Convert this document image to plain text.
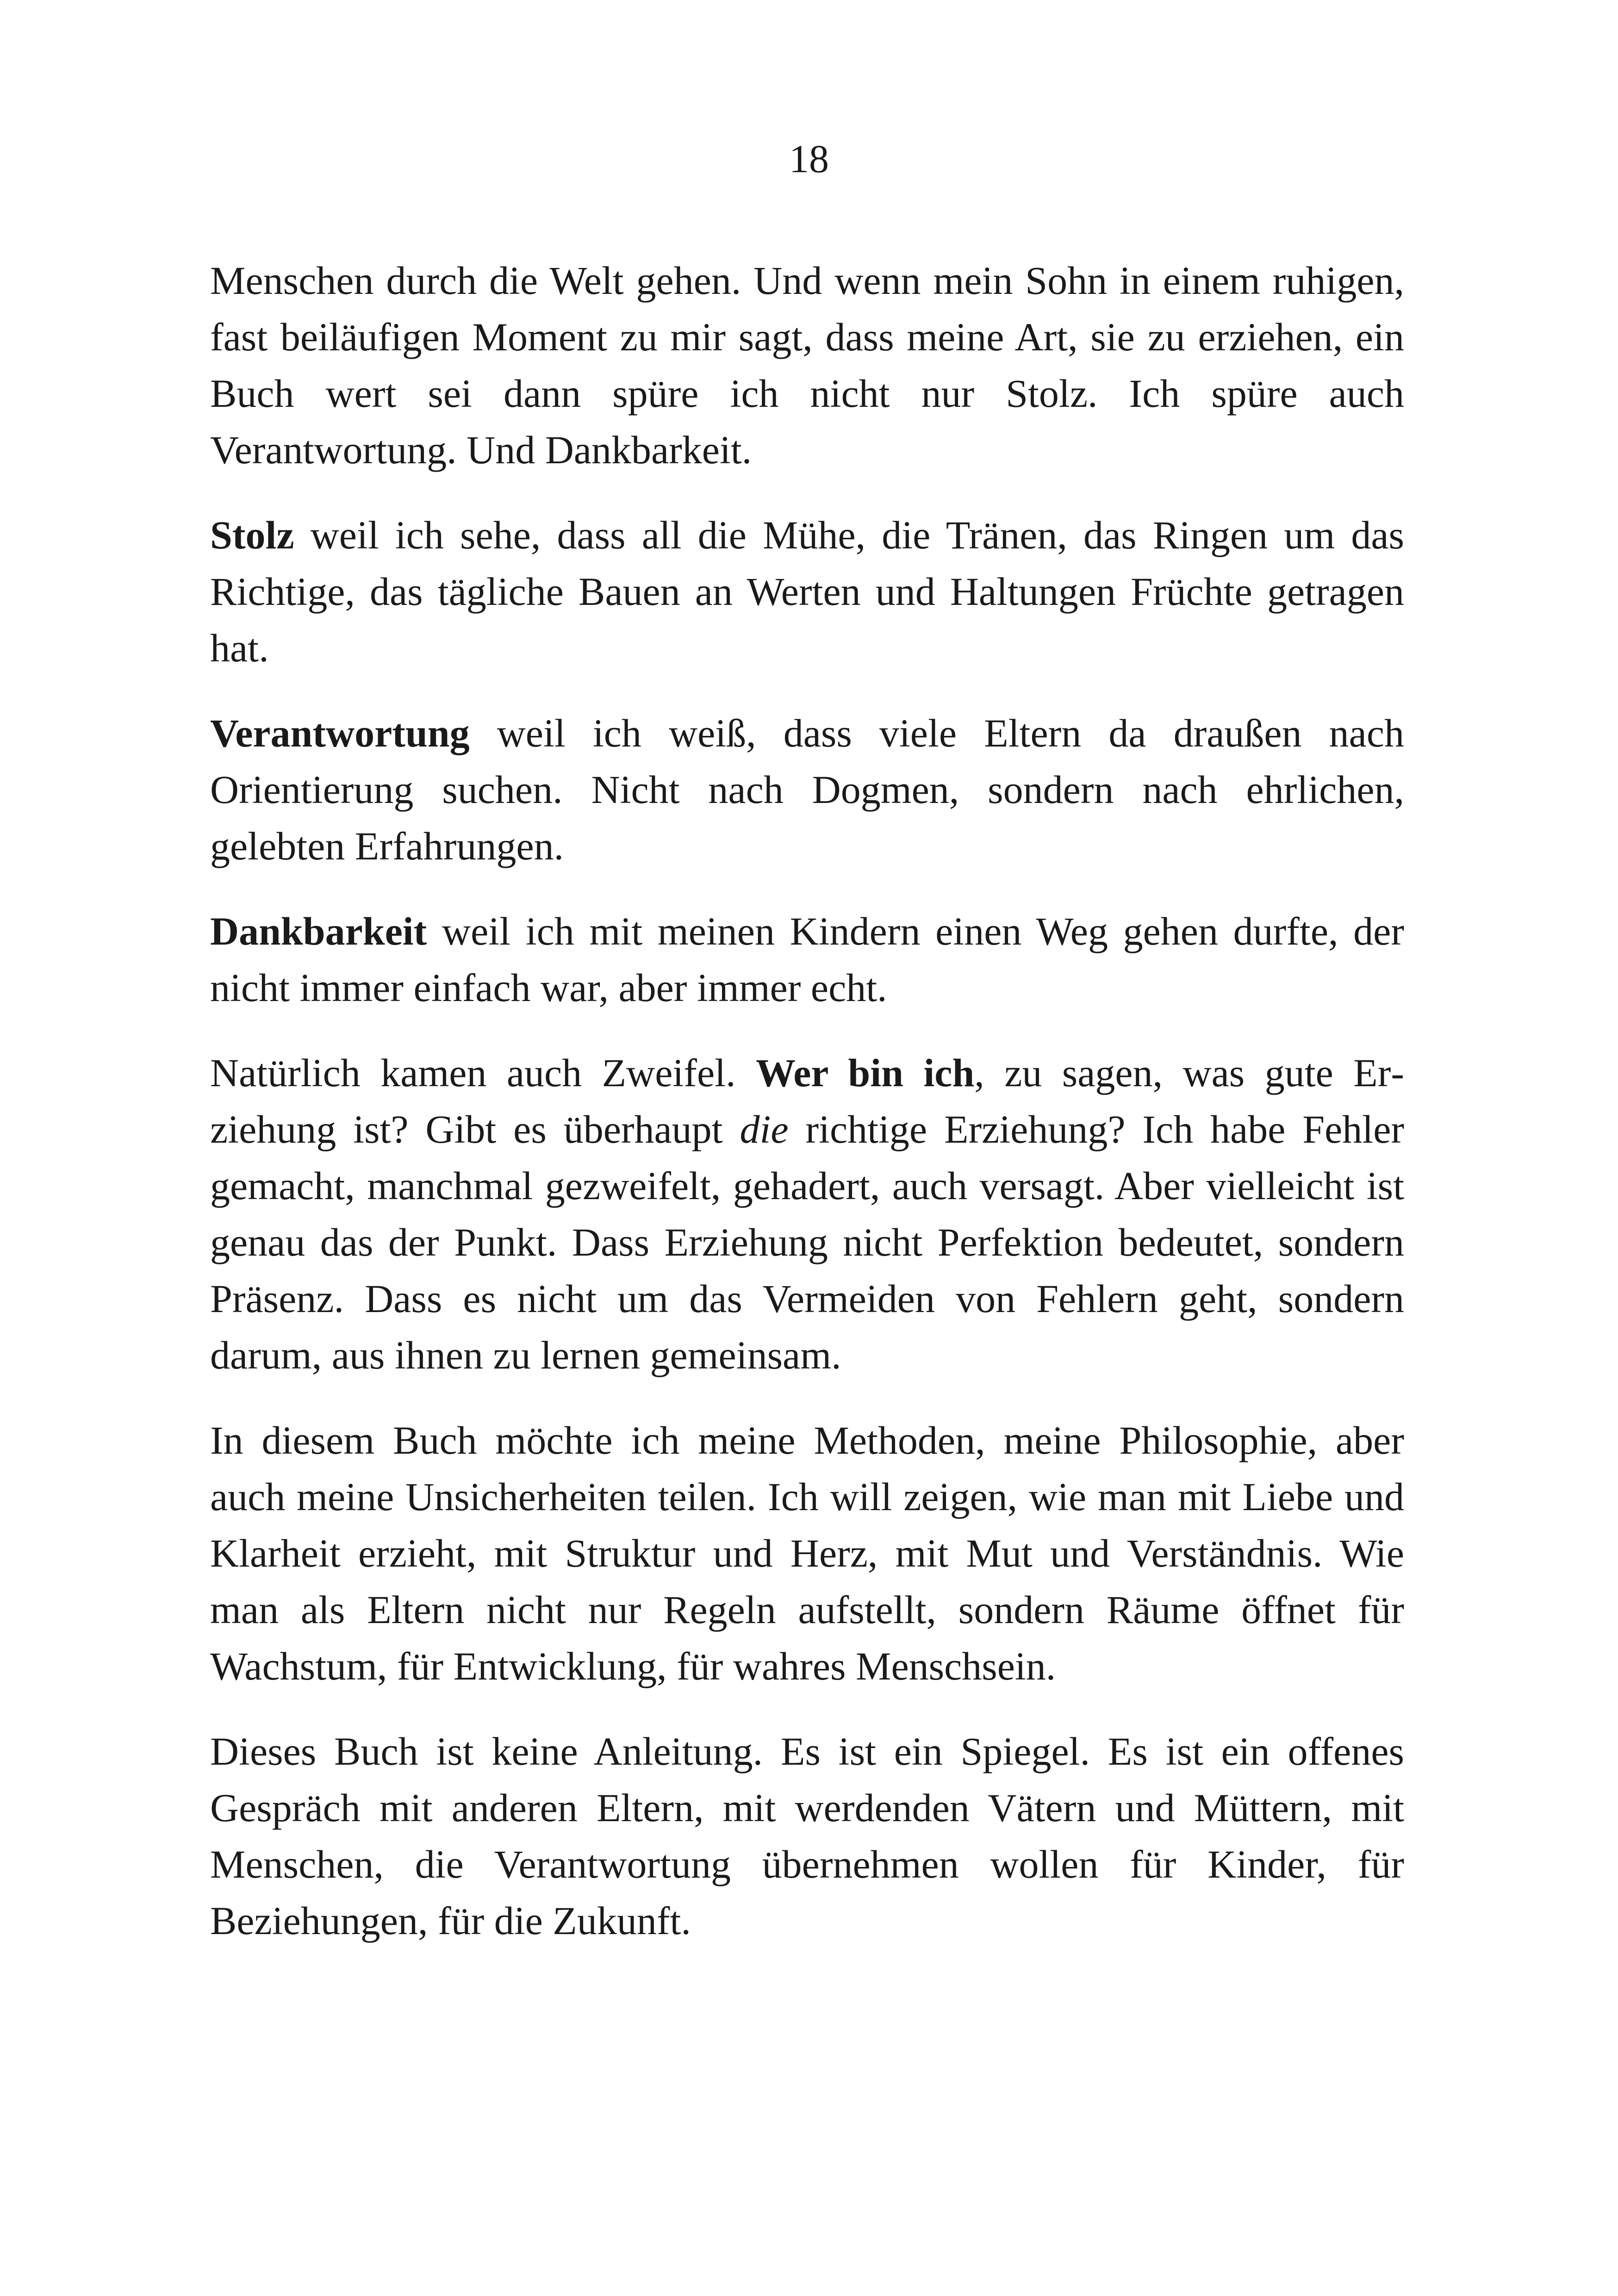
18

Menschen durch die Welt gehen. Und wenn mein Sohn in einem ruhigen, fast beiläufigen Moment zu mir sagt, dass meine Art, sie zu erziehen, ein Buch wert sei dann spüre ich nicht nur Stolz. Ich spüre auch Verantwortung. Und Dankbarkeit.

Stolz weil ich sehe, dass all die Mühe, die Tränen, das Ringen um das Richtige, das tägliche Bauen an Werten und Haltungen Früchte getragen hat.

Verantwortung weil ich weiß, dass viele Eltern da draußen nach Orientierung suchen. Nicht nach Dogmen, sondern nach ehrlichen, gelebten Erfahrungen.

Dankbarkeit weil ich mit meinen Kindern einen Weg gehen durfte, der nicht immer einfach war, aber immer echt.

Natürlich kamen auch Zweifel. Wer bin ich, zu sagen, was gute Erziehung ist? Gibt es überhaupt die richtige Erziehung? Ich habe Fehler gemacht, manchmal gezweifelt, gehadert, auch versagt. Aber vielleicht ist genau das der Punkt. Dass Erziehung nicht Perfektion bedeutet, sondern Präsenz. Dass es nicht um das Vermeiden von Fehlern geht, sondern darum, aus ihnen zu lernen gemeinsam.

In diesem Buch möchte ich meine Methoden, meine Philosophie, aber auch meine Unsicherheiten teilen. Ich will zeigen, wie man mit Liebe und Klarheit erzieht, mit Struktur und Herz, mit Mut und Verständnis. Wie man als Eltern nicht nur Regeln aufstellt, sondern Räume öffnet für Wachstum, für Entwicklung, für wahres Menschsein.

Dieses Buch ist keine Anleitung. Es ist ein Spiegel. Es ist ein offenes Gespräch mit anderen Eltern, mit werdenden Vätern und Müttern, mit Menschen, die Verantwortung übernehmen wollen für Kinder, für Beziehungen, für die Zukunft.
